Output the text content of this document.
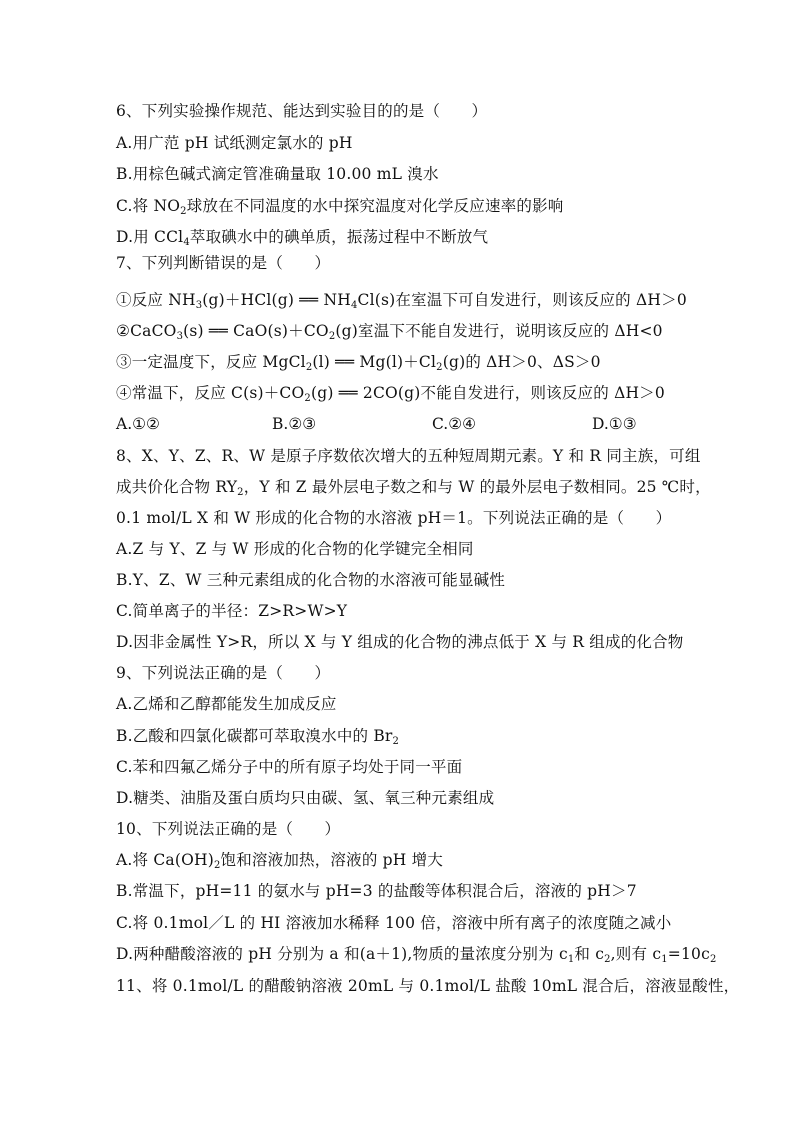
6、下列实验操作规范、能达到实验目的的是（　　）
A.用广范 pH 试纸测定氯水的 pH
B.用棕色碱式滴定管准确量取 10.00 mL 溴水
C.将 $NO_2$球放在不同温度的水中探究温度对化学反应速率的影响
D.用 CCl$_4$萃取碘水中的碘单质，振荡过程中不断放气
7、下列判断错误的是（　　）
①反应 $NH_3(g)+HCl(g)$ ══ $NH_4Cl(s)$在室温下可自发进行，则该反应的 ΔH＞0
②CaCO$_3$(s) ══ $CaO(s)+CO_2(g)$室温下不能自发进行，说明该反应的 ΔH<0
③一定温度下，反应 MgCl$_2$(l) ══ $Mg(l)+Cl_2(g)$的 ΔH＞0、ΔS＞0
④常温下，反应 $C(s)+CO_2(g)$ ══ 2CO(g)不能自发进行，则该反应的 ΔH＞0
A.①②	B.②③	C.②④	D.①③
8、X、Y、Z、R、W 是原子序数依次增大的五种短周期元素。Y 和 R 同主族，可组
成共价化合物 $RY_2$，Y 和 Z 最外层电子数之和与 W 的最外层电子数相同。25 ℃时，
0.1 mol/L X 和 W 形成的化合物的水溶液 pH＝1。下列说法正确的是（　　）
A.Z 与 Y、Z 与 W 形成的化合物的化学键完全相同
B.Y、Z、W 三种元素组成的化合物的水溶液可能显碱性
C.简单离子的半径：Z>R>W>Y
D.因非金属性 Y>R，所以 X 与 Y 组成的化合物的沸点低于 X 与 R 组成的化合物
9、下列说法正确的是（　　）
A.乙烯和乙醇都能发生加成反应
B.乙酸和四氯化碳都可萃取溴水中的 $Br_2$
C.苯和四氟乙烯分子中的所有原子均处于同一平面
D.糖类、油脂及蛋白质均只由碳、氢、氧三种元素组成
10、下列说法正确的是（　　）
A.将 $Ca(OH)_2$饱和溶液加热，溶液的 pH 增大
B.常温下，pH=11 的氨水与 pH=3 的盐酸等体积混合后，溶液的 pH＞7
C.将 0.1mol／L 的 HI 溶液加水稀释 100 倍，溶液中所有离子的浓度随之减小
D.两种醋酸溶液的 pH 分别为 a 和(a＋1),物质的量浓度分别为 $c_1$和 $c_2$,则有 $c_1=10c_2$
11、将 0.1mol/L 的醋酸钠溶液 20mL 与 0.1mol/L 盐酸 10mL 混合后，溶液显酸性，
